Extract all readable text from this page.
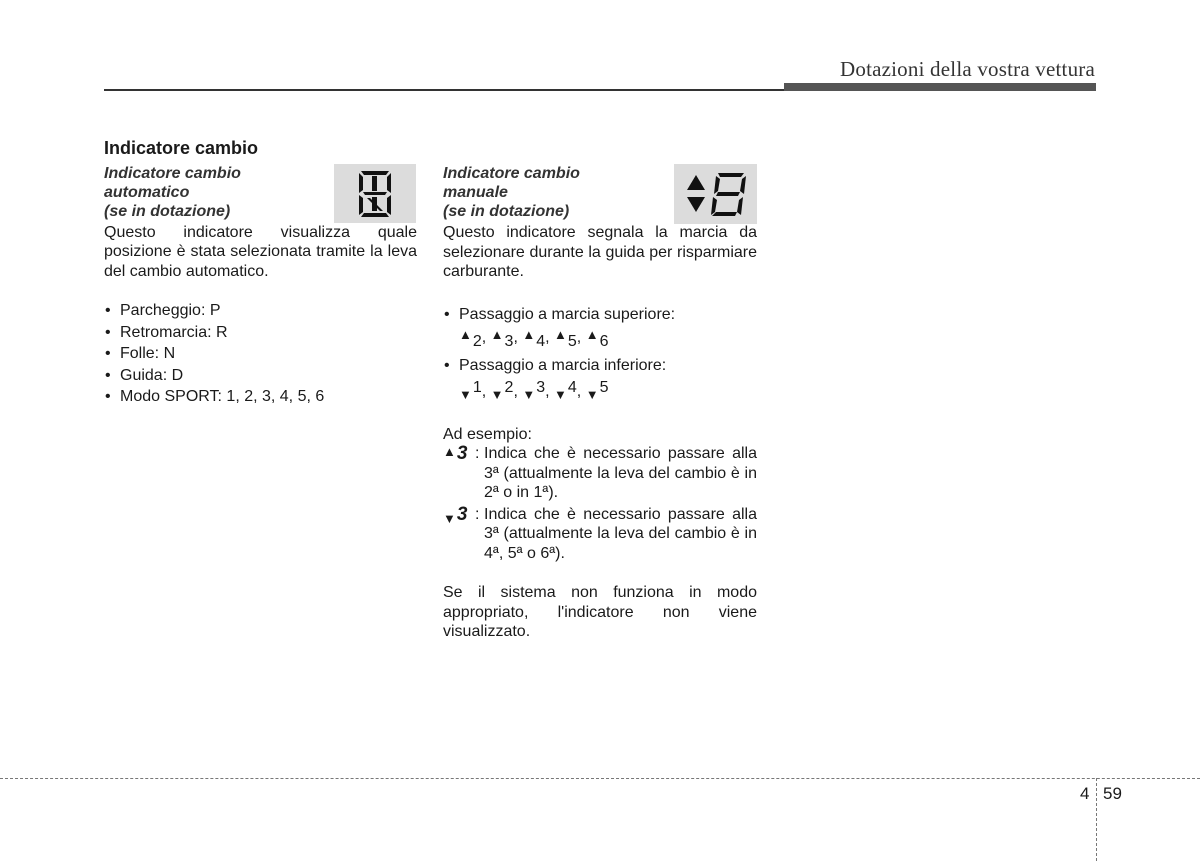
Dotazioni della vostra vettura
Indicatore cambio
Indicatore cambio
automatico
(se in dotazione)
Questo indicatore visualizza quale posizione è stata selezionata tramite la leva del cambio automatico.
• Parcheggio: P
• Retromarcia: R
• Folle: N
• Guida: D
• Modo SPORT: 1, 2, 3, 4, 5, 6
Indicatore cambio
manuale
(se in dotazione)
Questo indicatore segnala la marcia da selezionare durante la guida per risparmiare carburante.
• Passaggio a marcia superiore:
▲2, ▲3, ▲4, ▲5, ▲6
• Passaggio a marcia inferiore:
▼1, ▼2, ▼3, ▼4, ▼5
Ad esempio:
▲3 : Indica che è necessario passare alla 3ª (attualmente la leva del cambio è in 2ª o in 1ª).
▼3 : Indica che è necessario passare alla 3ª (attualmente la leva del cambio è in 4ª, 5ª o 6ª).
Se il sistema non funziona in modo appropriato, l'indicatore non viene visualizzato.
4 59
